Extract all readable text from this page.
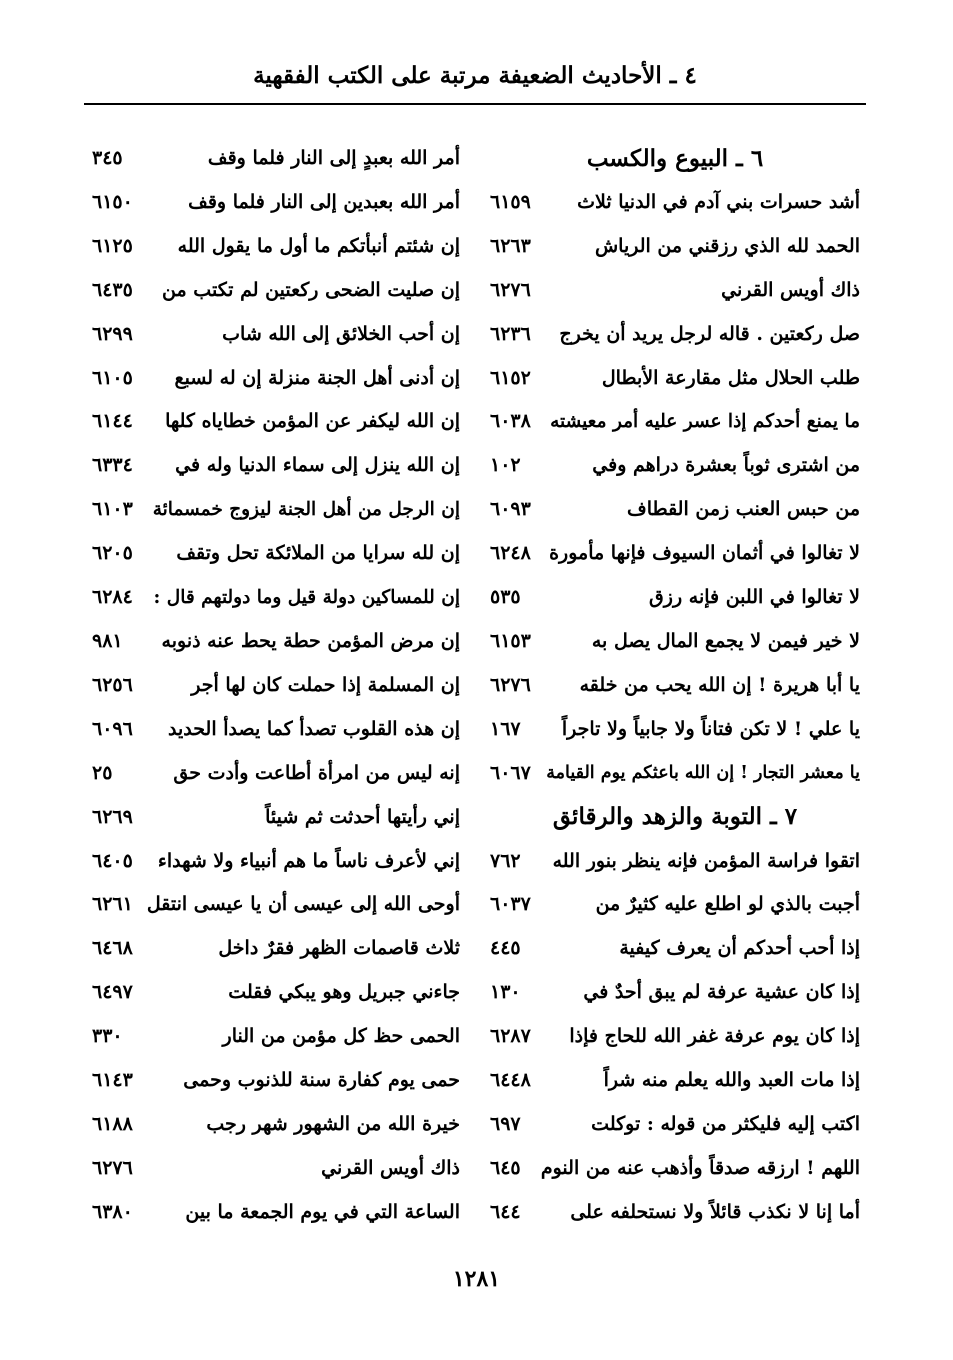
٤ ـ الأحاديث الضعيفة مرتبة على الكتب الفقهية
٦ ـ البيوع والكسب
أشد حسرات بني آدم في الدنيا ثلاث
٦١٥٩
الحمد لله الذي رزقني من الرياش
٦٢٦٣
ذاك أويس القرني
٦٢٧٦
صل ركعتين . قاله لرجل يريد أن يخرج
٦٢٣٦
طلب الحلال مثل مقارعة الأبطال
٦١٥٢
ما يمنع أحدكم إذا عسر عليه أمر معيشته
٦٠٣٨
من اشترى ثوباً بعشرة دراهم وفي
١٠٢
من حبس العنب زمن القطاف
٦٠٩٣
لا تغالوا في أثمان السيوف فإنها مأمورة
٦٢٤٨
لا تغالوا في اللبن فإنه رزق
٥٣٥
لا خير فيمن لا يجمع المال يصل به
٦١٥٣
يا أبا هريرة ! إن الله يحب من خلقه
٦٢٧٦
يا علي ! لا تكن فتاناً ولا جابياً ولا تاجراً
١٦٧
يا معشر التجار ! إن الله باعثكم يوم القيامة
٦٠٦٧
٧ ـ التوبة والزهد والرقائق
اتقوا فراسة المؤمن فإنه ينظر بنور الله
٧٦٢
أجبت بالذي لو اطلع عليه كثيرٌ من
٦٠٣٧
إذا أحب أحدكم أن يعرف كيفية
٤٤٥
إذا كان عشية عرفة لم يبق أحدٌ في
١٣٠
إذا كان يوم عرفة غفر الله للحاج فإذا
٦٢٨٧
إذا مات العبد والله يعلم منه شراً
٦٤٤٨
اكتب إليه فليكثر من قوله : توكلت
٦٩٧
اللهم ! ارزقه صدقاً وأذهب عنه من النوم
٦٤٥
أما إنا لا نكذب قائلاً ولا نستحلفه على
٦٤٤
أمر الله بعبدٍ إلى النار فلما وقف
٣٤٥
أمر الله بعبدين إلى النار فلما وقف
٦١٥٠
إن شئتم أنبأتكم ما أول ما يقول الله
٦١٢٥
إن صليت الضحى ركعتين لم تكتب من
٦٤٣٥
إن أحب الخلائق إلى الله شاب
٦٢٩٩
إن أدنى أهل الجنة منزلة إن له لسبع
٦١٠٥
إن الله ليكفر عن المؤمن خطاياه كلها
٦١٤٤
إن الله ينزل إلى سماء الدنيا وله في
٦٣٣٤
إن الرجل من أهل الجنة ليزوج خمسمائة
٦١٠٣
إن لله سرايا من الملائكة تحل وتقف
٦٢٠٥
إن للمساكين دولة قيل وما دولتهم قال :
٦٢٨٤
إن مرض المؤمن حطة يحط عنه ذنوبه
٩٨١
إن المسلمة إذا حملت كان لها أجر
٦٢٥٦
إن هذه القلوب تصدأ كما يصدأ الحديد
٦٠٩٦
إنه ليس من امرأة أطاعت وأدت حق
٢٥
إني رأيتها أحدثت ثم شيئاً
٦٢٦٩
إني لأعرف ناساً ما هم أنبياء ولا شهداء
٦٤٠٥
أوحى الله إلى عيسى أن يا عيسى انتقل
٦٢٦١
ثلاث قاصمات الظهر فقرٌ داخل
٦٤٦٨
جاءني جبريل وهو يبكي فقلت
٦٤٩٧
الحمى حظ كل مؤمن من النار
٣٣٠
حمى يوم كفارة سنة للذنوب وحمى
٦١٤٣
خيرة الله من الشهور شهر رجب
٦١٨٨
ذاك أويس القرني
٦٢٧٦
الساعة التي في يوم الجمعة ما بين
٦٣٨٠
١٢٨١
